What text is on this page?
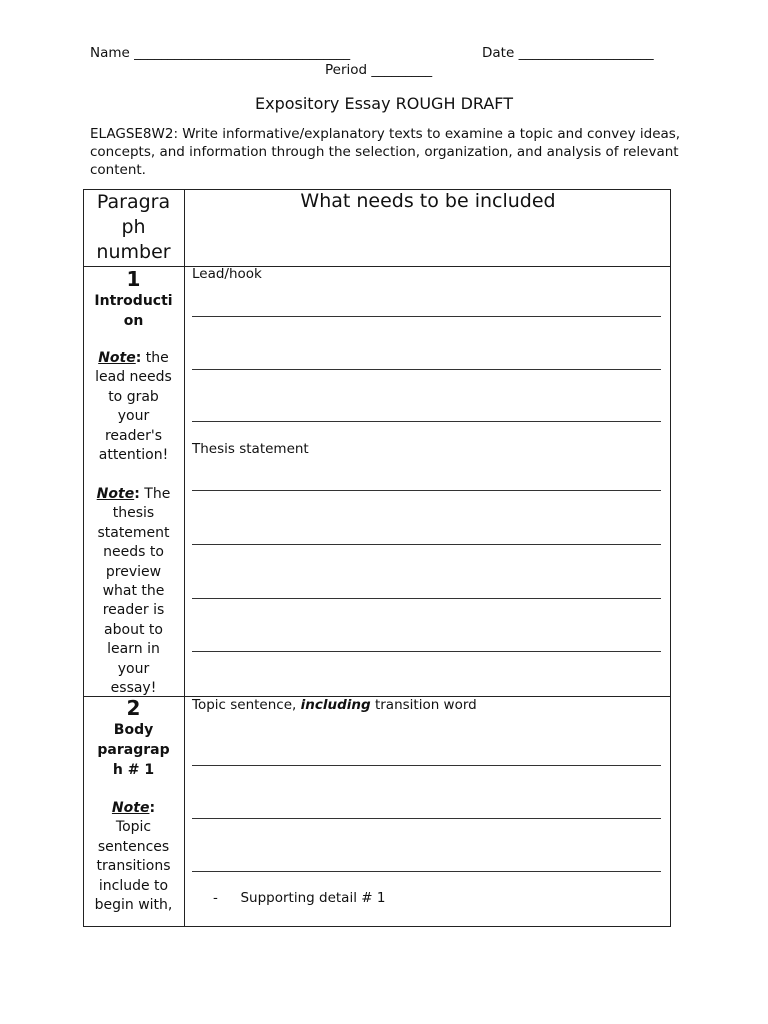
Name ________________________________	Date ____________________
Period _________
Expository Essay ROUGH DRAFT
ELAGSE8W2: Write informative/explanatory texts to examine a topic and convey ideas, concepts, and information through the selection, organization, and analysis of relevant content.
Paragra
ph
number
What needs to be included
1
Introducti
on
Note: the
lead needs
to grab
your
reader's
attention!
Note: The
thesis
statement
needs to
preview
what the
reader is
about to
learn in
your
essay!
Lead/hook
Thesis statement
2
Body
paragrap
h # 1
Note:
Topic
sentences
transitions
include to
begin with,
Topic sentence, including transition word
- Supporting detail # 1
